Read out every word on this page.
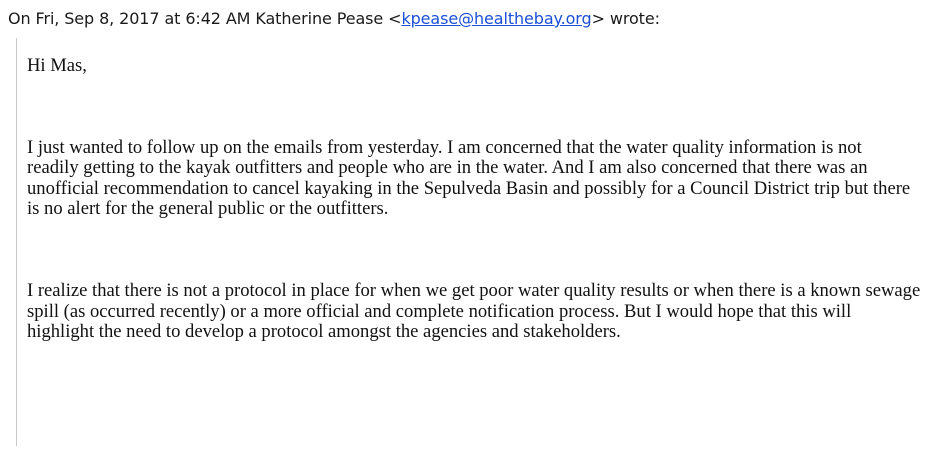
On Fri, Sep 8, 2017 at 6:42 AM Katherine Pease <kpease@healthebay.org> wrote:

Hi Mas,

I just wanted to follow up on the emails from yesterday. I am concerned that the water quality information is not readily getting to the kayak outfitters and people who are in the water. And I am also concerned that there was an unofficial recommendation to cancel kayaking in the Sepulveda Basin and possibly for a Council District trip but there is no alert for the general public or the outfitters.

I realize that there is not a protocol in place for when we get poor water quality results or when there is a known sewage spill (as occurred recently) or a more official and complete notification process. But I would hope that this will highlight the need to develop a protocol amongst the agencies and stakeholders.
